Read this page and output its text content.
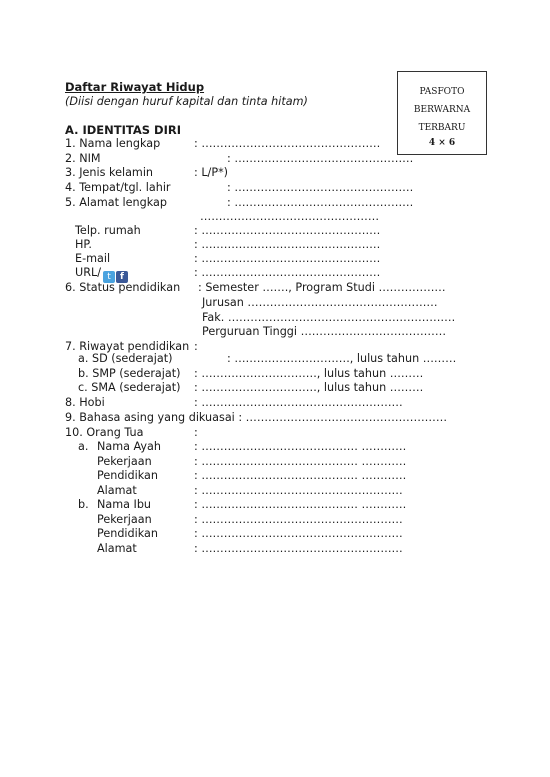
Daftar Riwayat Hidup
(Diisi dengan huruf kapital dan tinta hitam)
A. IDENTITAS DIRI
PASFOTO
BERWARNA
TERBARU
4 × 6
1. Nama lengkap	: …………………………………………
2. NIM	: …………………………………………
3. Jenis kelamin	: L/P*)
4. Tempat/tgl. lahir	: …………………………………………
5. Alamat lengkap	: …………………………………………
…………………………………………
Telp. rumah	: …………………………………………
HP.	: …………………………………………
E-mail	: …………………………………………
URL/ t f	: …………………………………………
6. Status pendidikan : Semester ……., Program Studi ………………
Jurusan ……………………………………………
Fak. …………………………………………………….
Perguruan Tinggi …………………………………
7. Riwayat pendidikan :
a. SD (sederajat)	: …………………………., lulus tahun ………
b. SMP (sederajat) : …………………………., lulus tahun ………
c. SMA (sederajat) : …………………………., lulus tahun ………
8. Hobi	: ………………………………………………
9. Bahasa asing yang dikuasai : ………………………………………………
10. Orang Tua	:
a. Nama Ayah	: …………………………………… …………
Pekerjaan	: …………………………………… …………
Pendidikan	: …………………………………… …………
Alamat	: ………………………………………………
b. Nama Ibu	: …………………………………… …………
Pekerjaan	: ………………………………………………
Pendidikan	: ………………………………………………
Alamat	: ………………………………………………
